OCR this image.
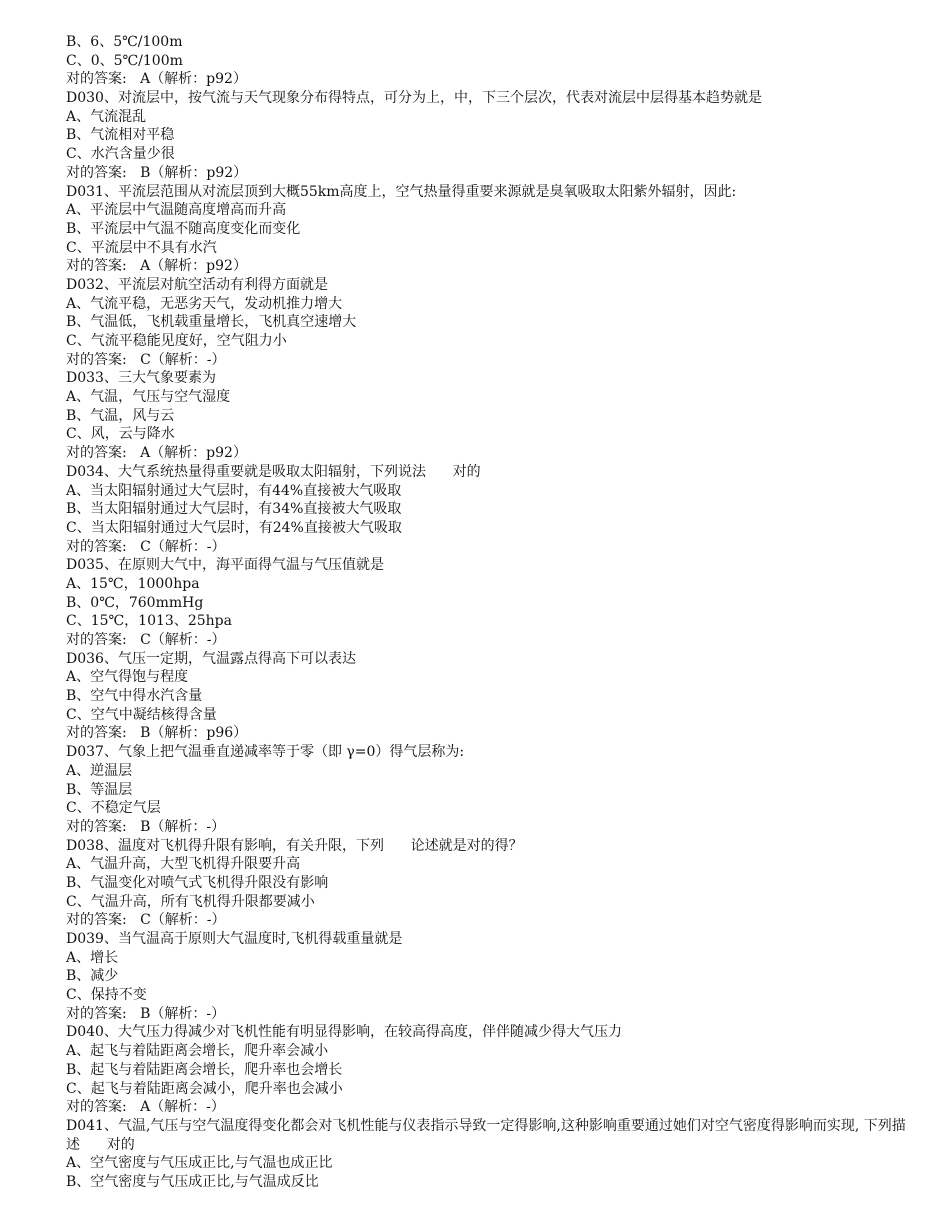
B、6、5℃/100m
C、0、5℃/100m
对的答案:   A（解析：p92）
D030、对流层中，按气流与天气现象分布得特点，可分为上，中，下三个层次，代表对流层中层得基本趋势就是
A、气流混乱
B、气流相对平稳
C、水汽含量少很
对的答案:   B（解析：p92）
D031、平流层范围从对流层顶到大概55km高度上，空气热量得重要来源就是臭氧吸取太阳紫外辐射，因此:
A、平流层中气温随高度增高而升高
B、平流层中气温不随高度变化而变化
C、平流层中不具有水汽
对的答案:   A（解析：p92）
D032、平流层对航空活动有利得方面就是
A、气流平稳，无恶劣天气，发动机推力增大
B、气温低，飞机载重量增长，飞机真空速增大
C、气流平稳能见度好，空气阻力小
对的答案:   C（解析：-）
D033、三大气象要素为
A、气温，气压与空气湿度
B、气温，风与云
C、风，云与降水
对的答案:   A（解析：p92）
D034、大气系统热量得重要就是吸取太阳辐射，下列说法      对的
A、当太阳辐射通过大气层时，有44%直接被大气吸取
B、当太阳辐射通过大气层时，有34%直接被大气吸取
C、当太阳辐射通过大气层时，有24%直接被大气吸取
对的答案:   C（解析：-）
D035、在原则大气中，海平面得气温与气压值就是
A、15℃，1000hpa
B、0℃，760mmHg
C、15℃，1013、25hpa
对的答案:   C（解析：-）
D036、气压一定期，气温露点得高下可以表达
A、空气得饱与程度
B、空气中得水汽含量
C、空气中凝结核得含量
对的答案:   B（解析：p96）
D037、气象上把气温垂直递减率等于零（即 γ=0）得气层称为:
A、逆温层
B、等温层
C、不稳定气层
对的答案:   B（解析：-）
D038、温度对飞机得升限有影响，有关升限，下列      论述就是对的得？
A、气温升高，大型飞机得升限要升高
B、气温变化对喷气式飞机得升限没有影响
C、气温升高，所有飞机得升限都要减小
对的答案:   C（解析：-）
D039、当气温高于原则大气温度时,飞机得载重量就是
A、增长
B、减少
C、保持不变
对的答案:   B（解析：-）
D040、大气压力得减少对飞机性能有明显得影响，在较高得高度，伴伴随减少得大气压力
A、起飞与着陆距离会增长，爬升率会减小
B、起飞与着陆距离会增长，爬升率也会增长
C、起飞与着陆距离会减小，爬升率也会减小
对的答案:   A（解析：-）
D041、气温,气压与空气温度得变化都会对飞机性能与仪表指示导致一定得影响,这种影响重要通过她们对空气密度得影响而实现, 下列描述      对的
A、空气密度与气压成正比,与气温也成正比
B、空气密度与气压成正比,与气温成反比
